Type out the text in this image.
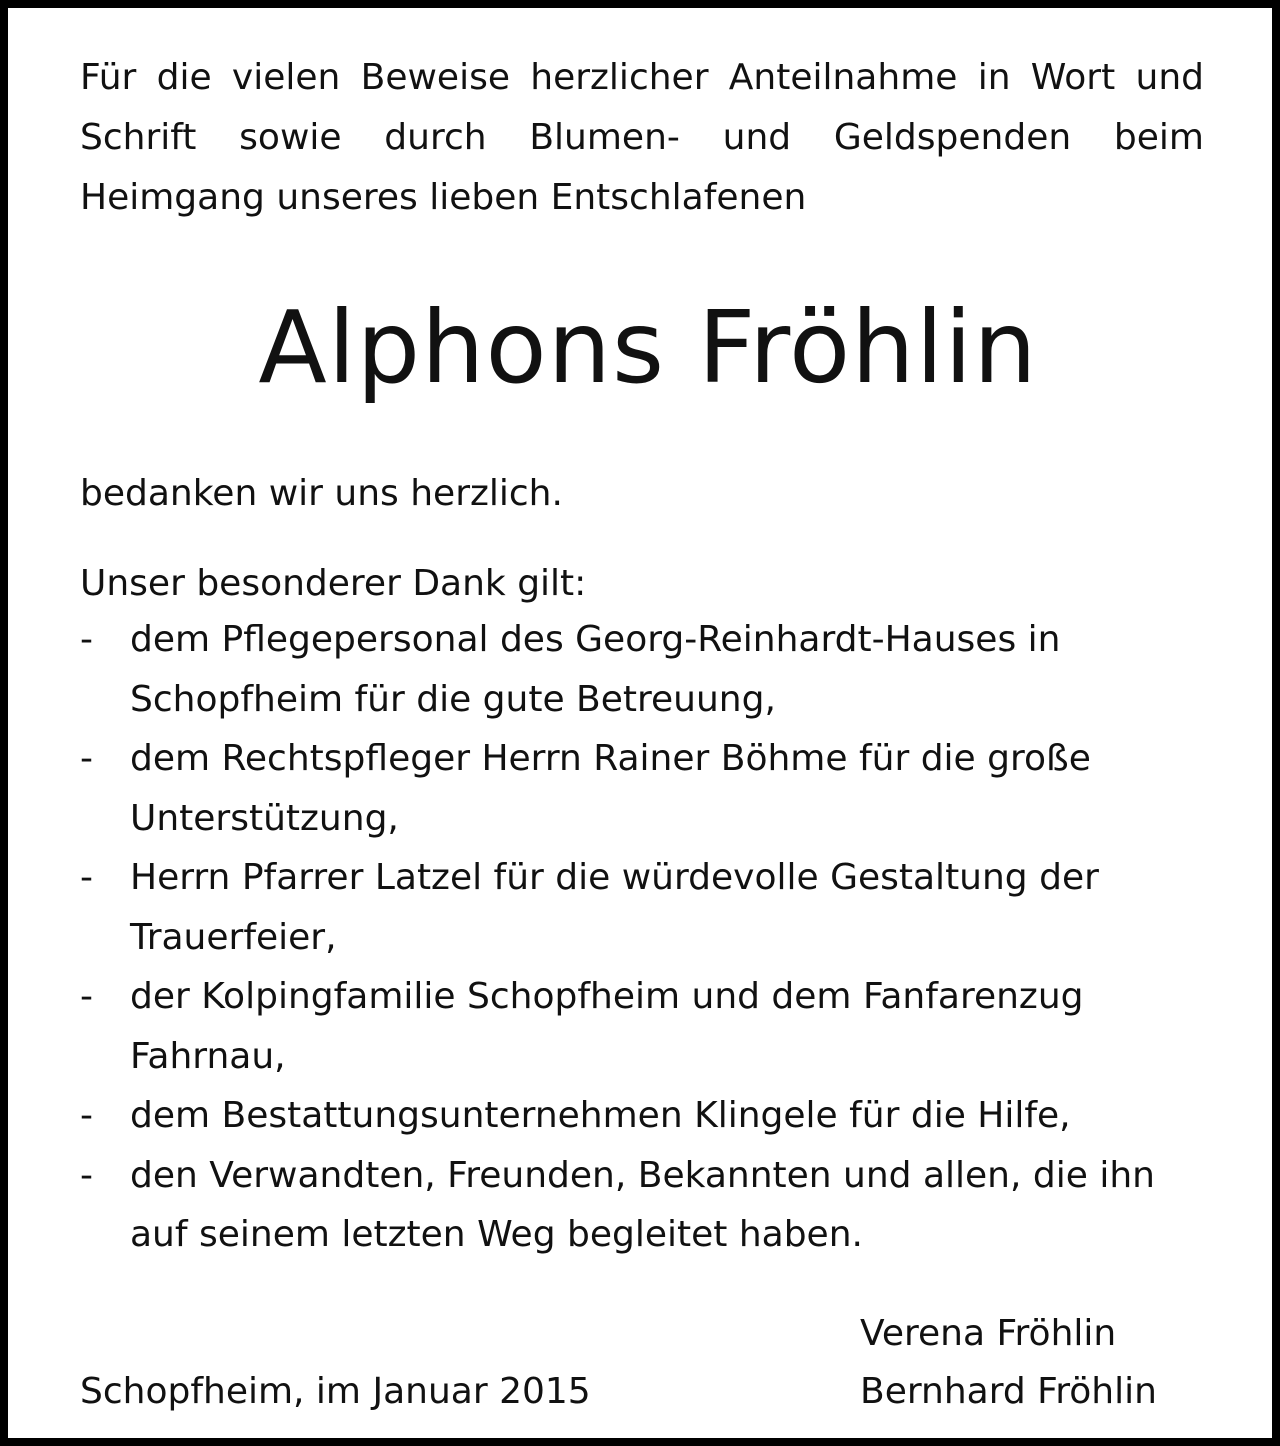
Für die vielen Beweise herzlicher Anteilnahme in Wort und Schrift sowie durch Blumen- und Geldspenden beim Heimgang unseres lieben Entschlafenen

Alphons Fröhlin

bedanken wir uns herzlich.

Unser besonderer Dank gilt:

- dem Pflegepersonal des Georg-Reinhardt-Hauses in Schopfheim für die gute Betreuung,
- dem Rechtspfleger Herrn Rainer Böhme für die große Unterstützung,
- Herrn Pfarrer Latzel für die würdevolle Gestaltung der Trauerfeier,
- der Kolpingfamilie Schopfheim und dem Fanfarenzug Fahrnau,
- dem Bestattungsunternehmen Klingele für die Hilfe,
- den Verwandten, Freunden, Bekannten und allen, die ihn auf seinem letzten Weg begleitet haben.

Verena Fröhlin

Schopfheim, im Januar 2015	Bernhard Fröhlin
